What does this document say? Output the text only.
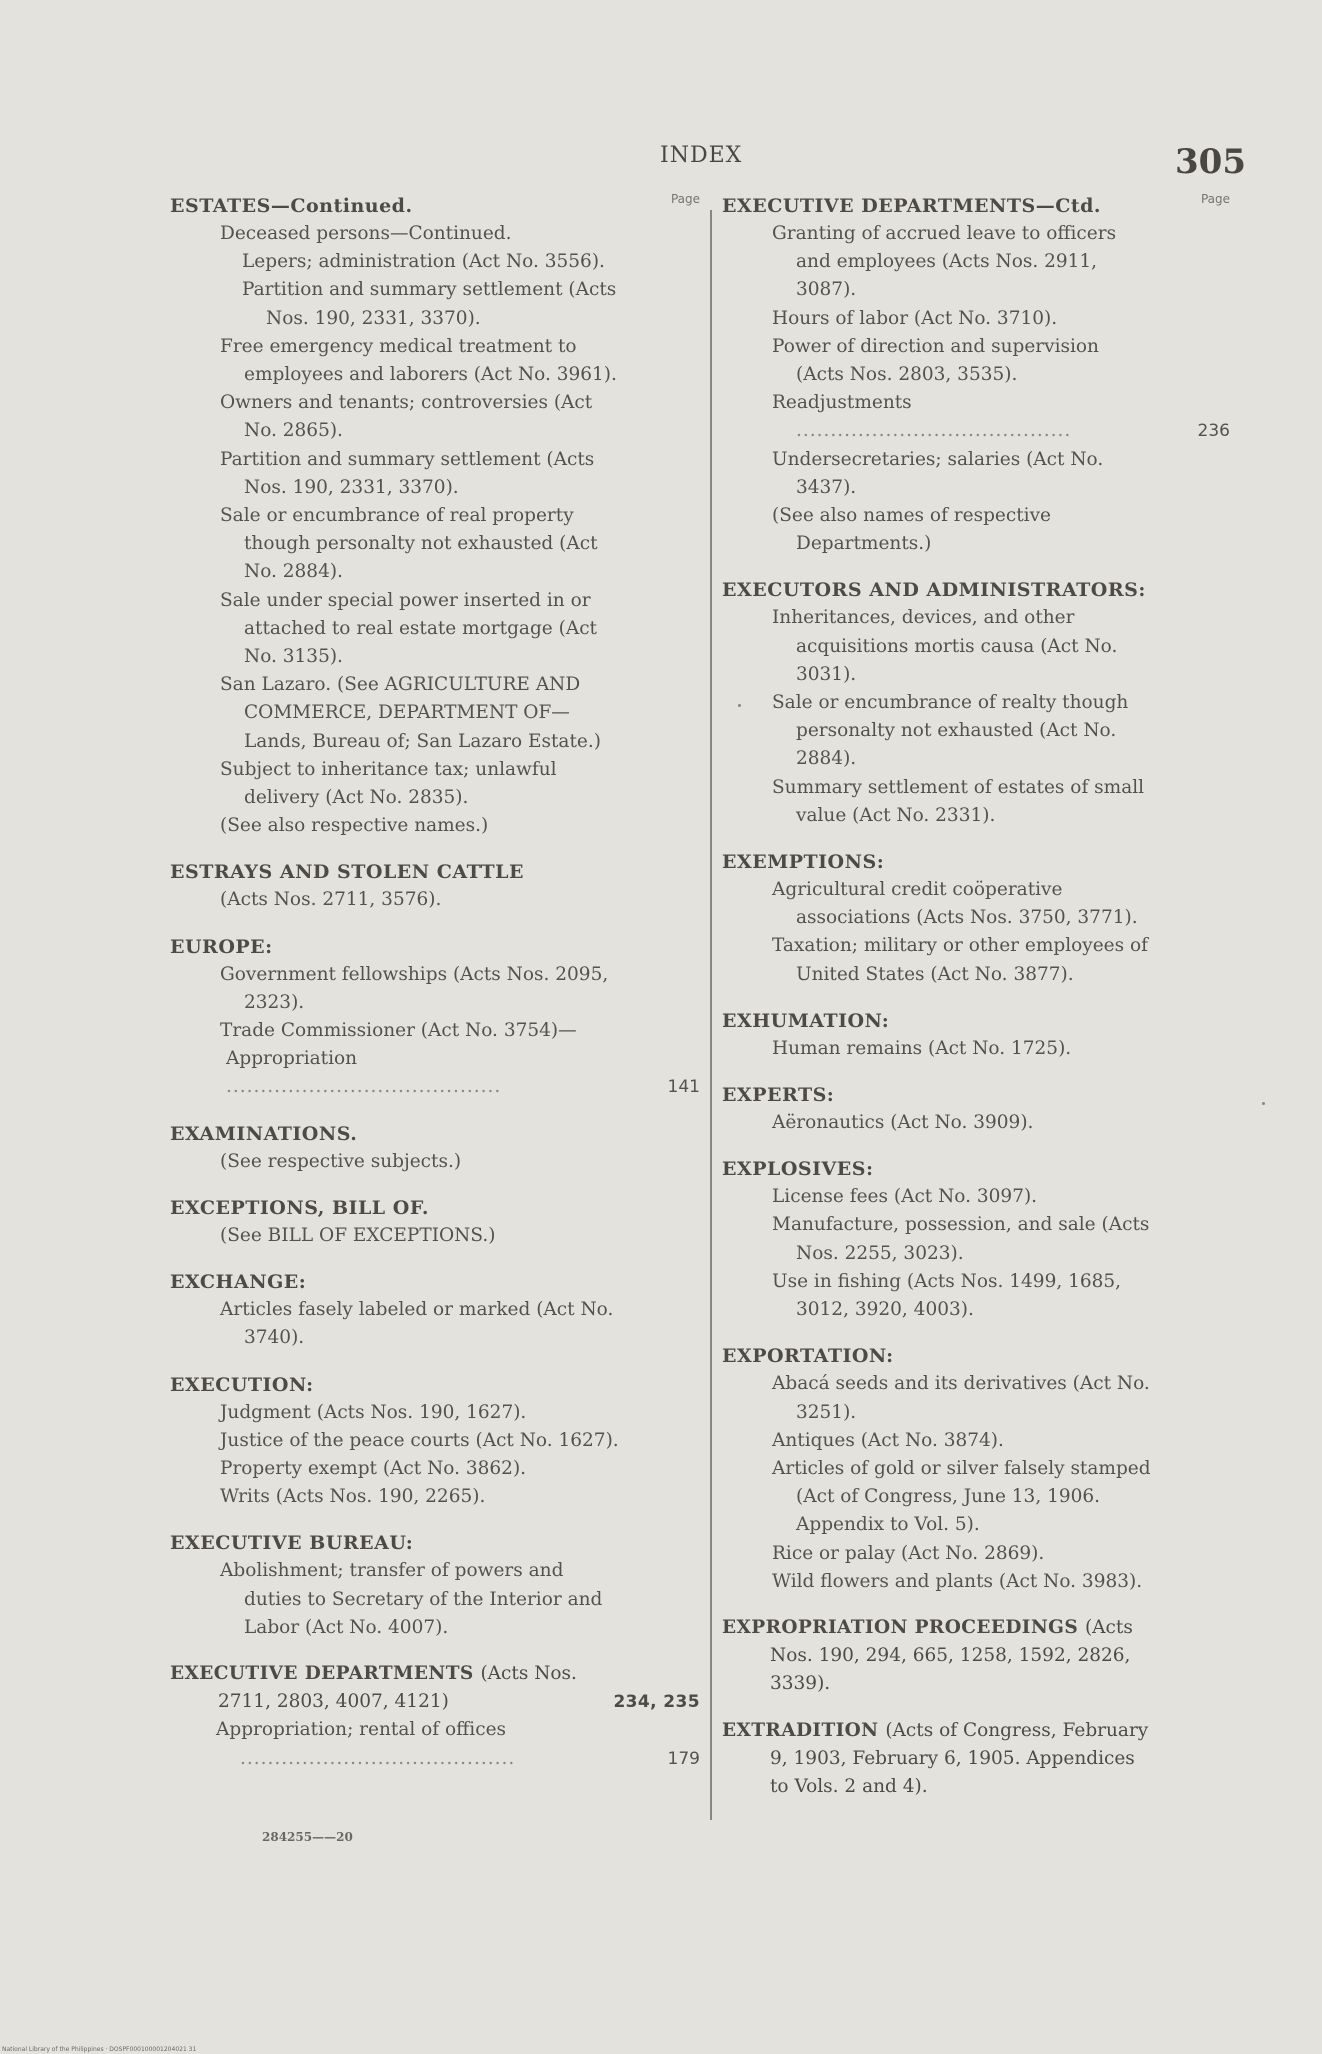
INDEX	305
Page
ESTATES—Continued.
Deceased persons—Continued.
Lepers; administration (Act No. 3556).
Partition and summary settlement (Acts Nos. 190, 2331, 3370).
Free emergency medical treatment to employees and laborers (Act No. 3961).
Owners and tenants; controversies (Act No. 2865).
Partition and summary settlement (Acts Nos. 190, 2331, 3370).
Sale or encumbrance of real property though personalty not exhausted (Act No. 2884).
Sale under special power inserted in or attached to real estate mortgage (Act No. 3135).
San Lazaro. (See AGRICULTURE AND COMMERCE, DEPARTMENT OF—Lands, Bureau of; San Lazaro Estate.)
Subject to inheritance tax; unlawful delivery (Act No. 2835).
(See also respective names.)
ESTRAYS AND STOLEN CATTLE
(Acts Nos. 2711, 3576).
EUROPE:
Government fellowships (Acts Nos. 2095, 2323).
Trade Commissioner (Act No. 3754)—
Appropriation .....
141
EXAMINATIONS.
(See respective subjects.)
EXCEPTIONS, BILL OF.
(See BILL OF EXCEPTIONS.)
EXCHANGE:
Articles fasely labeled or marked (Act No. 3740).
EXECUTION:
Judgment (Acts Nos. 190, 1627).
Justice of the peace courts (Act No. 1627).
Property exempt (Act No. 3862).
Writs (Acts Nos. 190, 2265).
EXECUTIVE BUREAU:
Abolishment; transfer of powers and duties to Secretary of the Interior and Labor (Act No. 4007).
EXECUTIVE DEPARTMENTS (Acts Nos. 2711, 2803, 4007, 4121)	234, 235
Appropriation; rental of offices .....
179
Page
EXECUTIVE DEPARTMENTS—Ctd.
Granting of accrued leave to officers and employees (Acts Nos. 2911, 3087).
Hours of labor (Act No. 3710).
Power of direction and supervision (Acts Nos. 2803, 3535).
Readjustments .....
236
Undersecretaries; salaries (Act No. 3437).
(See also names of respective Departments.)
EXECUTORS AND ADMINISTRATORS:
Inheritances, devices, and other acquisitions mortis causa (Act No. 3031).
Sale or encumbrance of realty though personalty not exhausted (Act No. 2884).
Summary settlement of estates of small value (Act No. 2331).
EXEMPTIONS:
Agricultural credit coöperative associations (Acts Nos. 3750, 3771).
Taxation; military or other employees of United States (Act No. 3877).
EXHUMATION:
Human remains (Act No. 1725).
EXPERTS:
Aëronautics (Act No. 3909).
EXPLOSIVES:
License fees (Act No. 3097).
Manufacture, possession, and sale (Acts Nos. 2255, 3023).
Use in fishing (Acts Nos. 1499, 1685, 3012, 3920, 4003).
EXPORTATION:
Abacá seeds and its derivatives (Act No. 3251).
Antiques (Act No. 3874).
Articles of gold or silver falsely stamped (Act of Congress, June 13, 1906. Appendix to Vol. 5).
Rice or palay (Act No. 2869).
Wild flowers and plants (Act No. 3983).
EXPROPRIATION PROCEEDINGS (Acts Nos. 190, 294, 665, 1258, 1592, 2826, 3339).
EXTRADITION (Acts of Congress, February 9, 1903, February 6, 1905. Appendices to Vols. 2 and 4).
284255——20
National Library of the Philippines · DOSPF000100001204021 31
